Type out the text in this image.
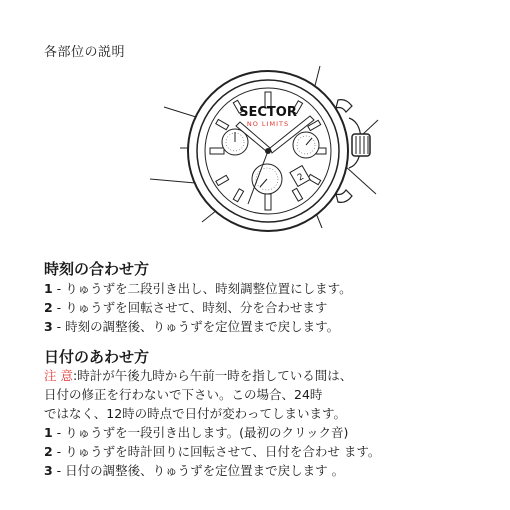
各部位の説明
2
SECTOR
NO LIMITS
時刻の合わせ方
1 - りゅうずを二段引き出し、時刻調整位置にします。
2 - りゅうずを回転させて、時刻、分を合わせます
3 - 時刻の調整後、りゅうずを定位置まで戻します。
日付のあわせ方
注 意:時計が午後九時から午前一時を指している間は、
日付の修正を行わないで下さい。この場合、24時
ではなく、12時の時点で日付が変わってしまいます。
1 - りゅうずを一段引き出します。(最初のクリック音)
2 - りゅうずを時計回りに回転させて、日付を合わせ ます。
3 - 日付の調整後、りゅうずを定位置まで戻します 。
